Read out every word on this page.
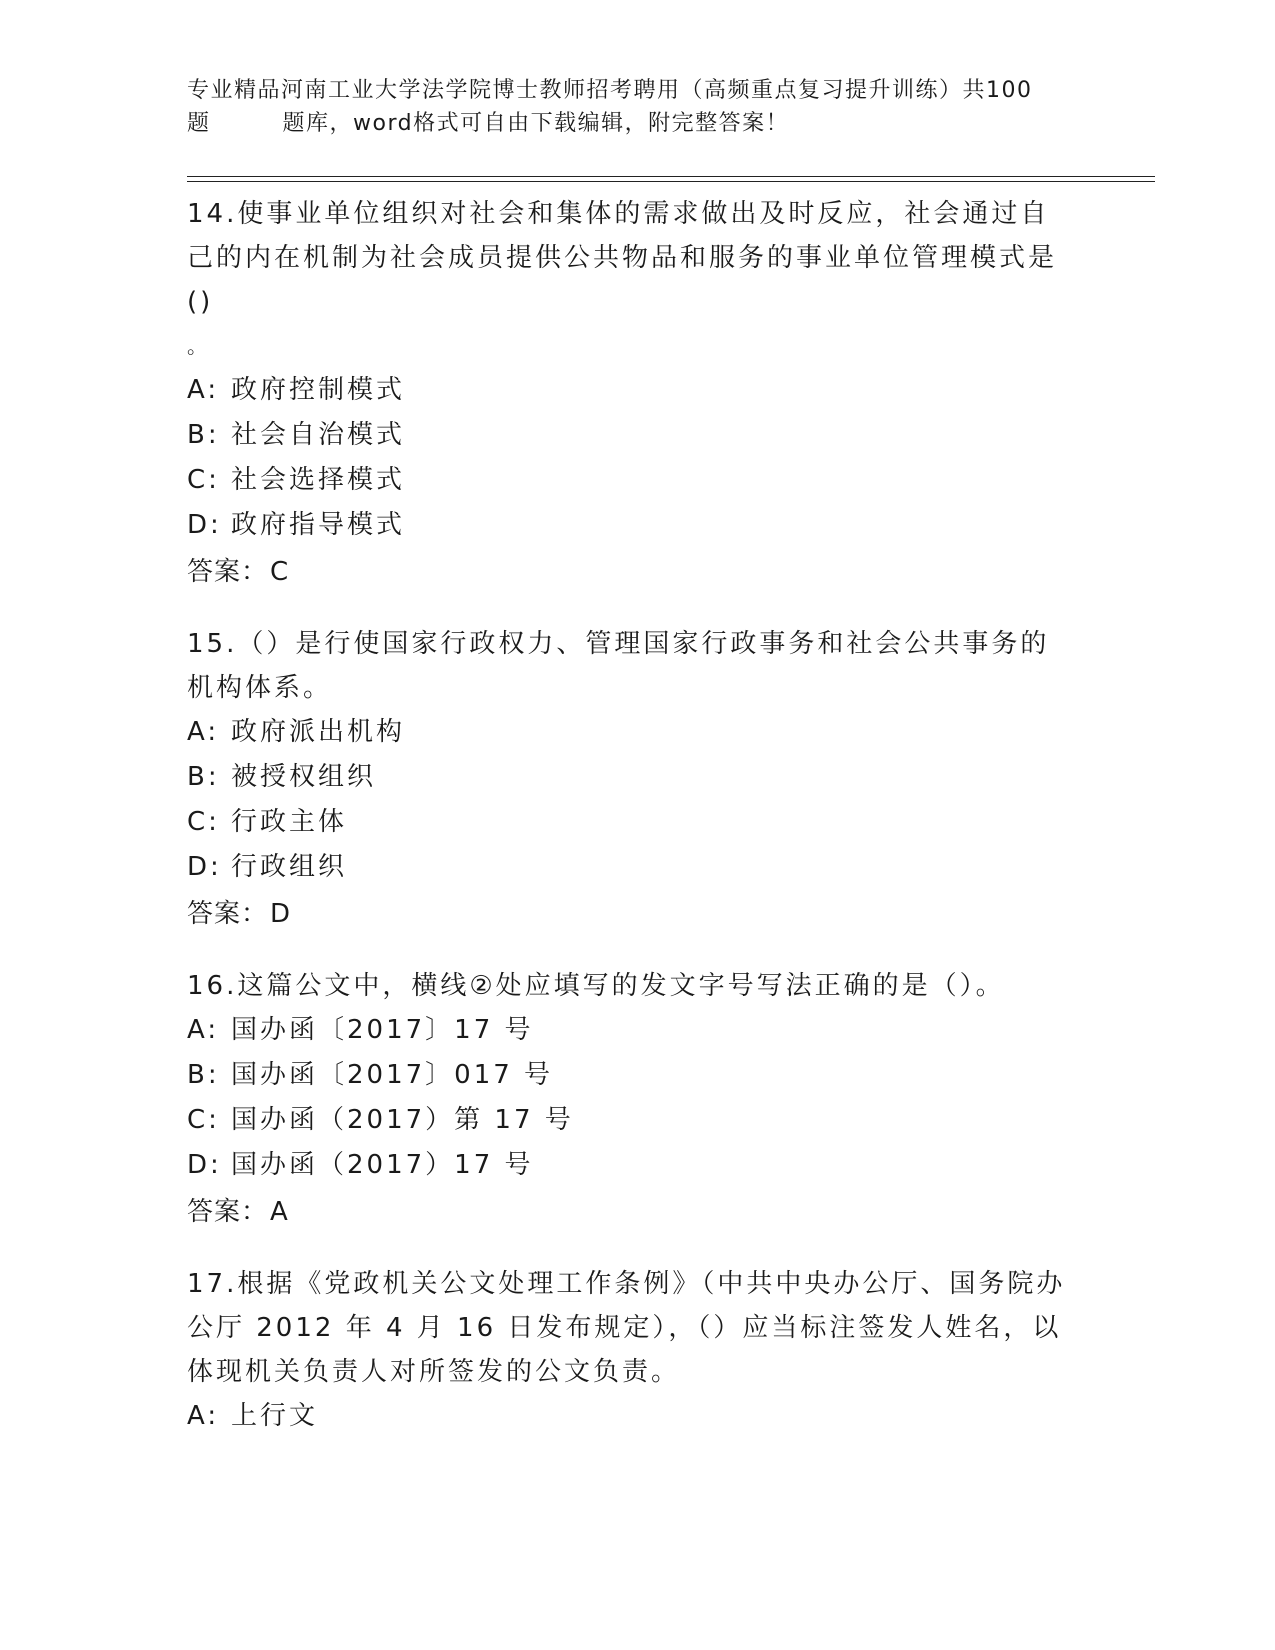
专业精品河南工业大学法学院博士教师招考聘用（高频重点复习提升训练）共100
题	题库，word格式可自由下载编辑，附完整答案！

14.使事业单位组织对社会和集体的需求做出及时反应，社会通过自己的内在机制为社会成员提供公共物品和服务的事业单位管理模式是()

。

A: 政府控制模式

B: 社会自治模式

C: 社会选择模式

D: 政府指导模式

答案：C

15.（）是行使国家行政权力、管理国家行政事务和社会公共事务的机构体系。

A: 政府派出机构

B: 被授权组织

C: 行政主体

D: 行政组织

答案：D

16.这篇公文中，横线②处应填写的发文字号写法正确的是（）。

A: 国办函〔2017〕17 号

B: 国办函〔2017〕017 号

C: 国办函（2017）第 17 号

D: 国办函（2017）17 号

答案：A

17.根据《党政机关公文处理工作条例》（中共中央办公厅、国务院办公厅 2012 年 4 月 16 日发布规定），（）应当标注签发人姓名，以体现机关负责人对所签发的公文负责。

A: 上行文
